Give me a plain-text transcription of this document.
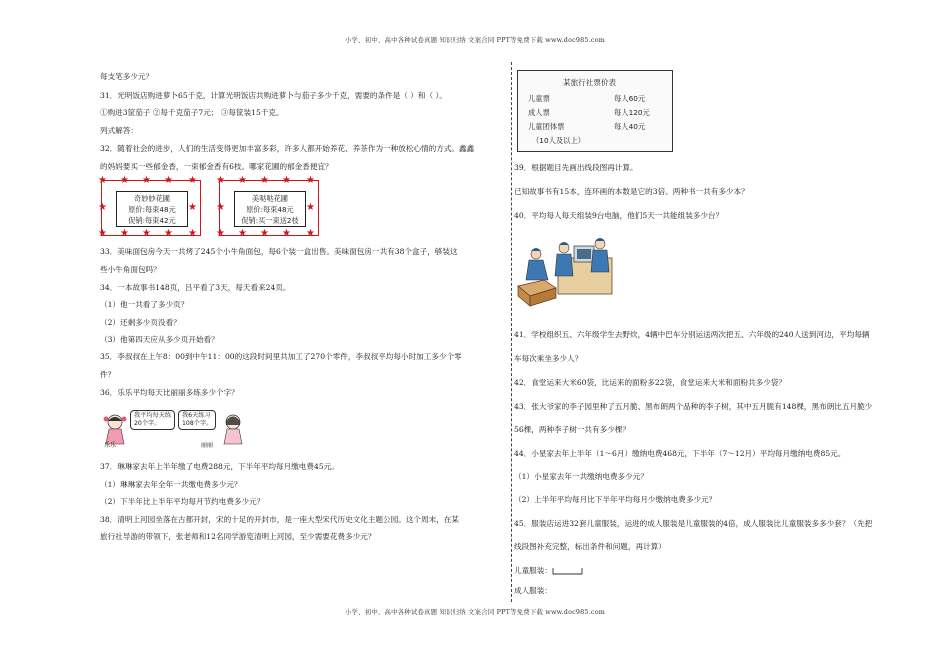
小学、初中、高中各种试卷真题 知识归纳 文案合同 PPT等免费下载 www.doc985.com
每支笔多少元？
31．光明饭店购进萝卜65千克，计算光明饭店共购进萝卜与茄子多少千克，需要的条件是（ ）和（ ）。
①购进3筐茄子 ②每千克茄子7元； ③每筐装15千克。
列式解答：
32．随着社会的进步，人们的生活变得更加丰富多彩，许多人都开始养花、养茶作为一种放松心情的方式。鑫鑫
的妈妈要买一些郁金香，一束郁金香有6枝。哪家花圃的郁金香便宜？
★ ★ ★ ★ ★
★	★
★ ★ ★ ★ ★
奇妙妙花圃
原价:每束48元
促销:每束42元
★ ★ ★ ★ ★
★	★
★ ★ ★ ★ ★
美哒哒花圃
原价:每束48元
促销:买一束送2枝
33．美味面包房今天一共烤了245个小牛角面包，每6个装一盒出售。美味面包房一共有38个盒子，够装这
些小牛角面包吗？
34．一本故事书148页，吕平看了3天，每天看来24页。
（1）他一共看了多少页？
（2）还剩多少页没看？
（3）他第四天应从多少页开始看？
35．李叔叔在上午8：00到中午11：00的这段时间里共加工了270个零件，李叔叔平均每小时加工多少个零
件？
36．乐乐平均每天比丽丽多练多少个字？
我平均每天练
20个字。
我6天练习
108个字。
乐乐	丽丽
37．琳琳家去年上半年缴了电费288元，下半年平均每月缴电费45元。
（1）琳琳家去年全年一共缴电费多少元？
（2）下半年比上半年平均每月节约电费多少元？
38．清明上河园坐落在古都开封，宋的十足的开封市，是一座大型宋代历史文化主题公园。这个周末，在某
旅行社导游的带领下，张老师和12名同学游览清明上河园，至少需要花费多少元？
某旅行社票价表
儿童票	每人60元
成人票	每人120元
儿童团体票	每人40元
（10人及以上）
39．根据题目先画出线段图再计算。
已知故事书有15本，连环画的本数是它的3倍。两种书一共有多少本？
40．平均每人每天组装9台电脑，他们5天一共能组装多少台？
41．学校组织五、六年级学生去野炊，4辆中巴车分别运送两次把五、六年级的240人送到河边，平均每辆
车每次乘坐多少人？
42．食堂运来大米60袋，比运来的面粉多22袋，食堂运来大米和面粉共多少袋？
43．张大爷家的李子园里种了五月脆、黑布朗两个品种的李子树，其中五月脆有148棵，黑布朗比五月脆少
56棵，两种李子树一共有多少棵？
44．小星家去年上半年（1～6月）缴纳电费468元，下半年（7～12月）平均每月缴纳电费85元。
（1）小星家去年一共缴纳电费多少元？
（2）上半年平均每月比下半年平均每月少缴纳电费多少元？
45．服装店运进32套儿童服装，运进的成人服装是儿童服装的4倍，成人服装比儿童服装多多少套？（先把
线段图补充完整，标出条件和问题，再计算）
儿童服装：
成人服装：
小学、初中、高中各种试卷真题 知识归纳 文案合同 PPT等免费下载 www.doc985.com
